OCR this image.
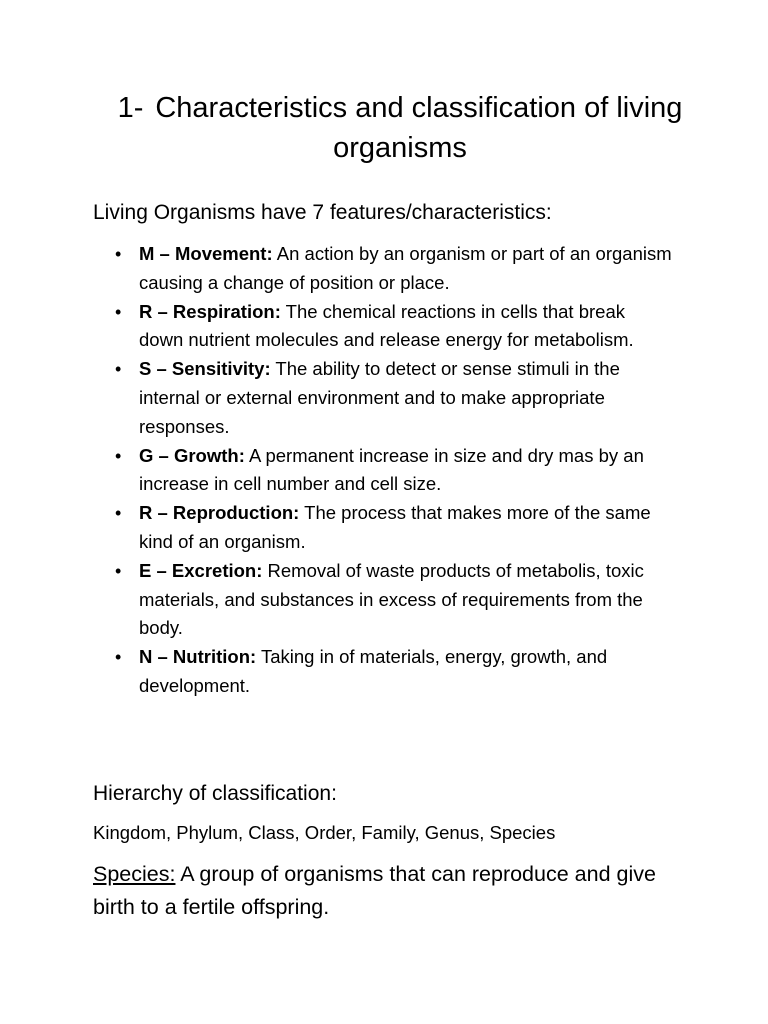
1- Characteristics and classification of living organisms

Living Organisms have 7 features/characteristics:

• M – Movement: An action by an organism or part of an organism causing a change of position or place.
• R – Respiration: The chemical reactions in cells that break down nutrient molecules and release energy for metabolism.
• S – Sensitivity: The ability to detect or sense stimuli in the internal or external environment and to make appropriate responses.
• G – Growth: A permanent increase in size and dry mas by an increase in cell number and cell size.
• R – Reproduction: The process that makes more of the same kind of an organism.
• E – Excretion: Removal of waste products of metabolis, toxic materials, and substances in excess of requirements from the body.
• N – Nutrition: Taking in of materials, energy, growth, and development.

Hierarchy of classification:

Kingdom, Phylum, Class, Order, Family, Genus, Species

Species: A group of organisms that can reproduce and give birth to a fertile offspring.
